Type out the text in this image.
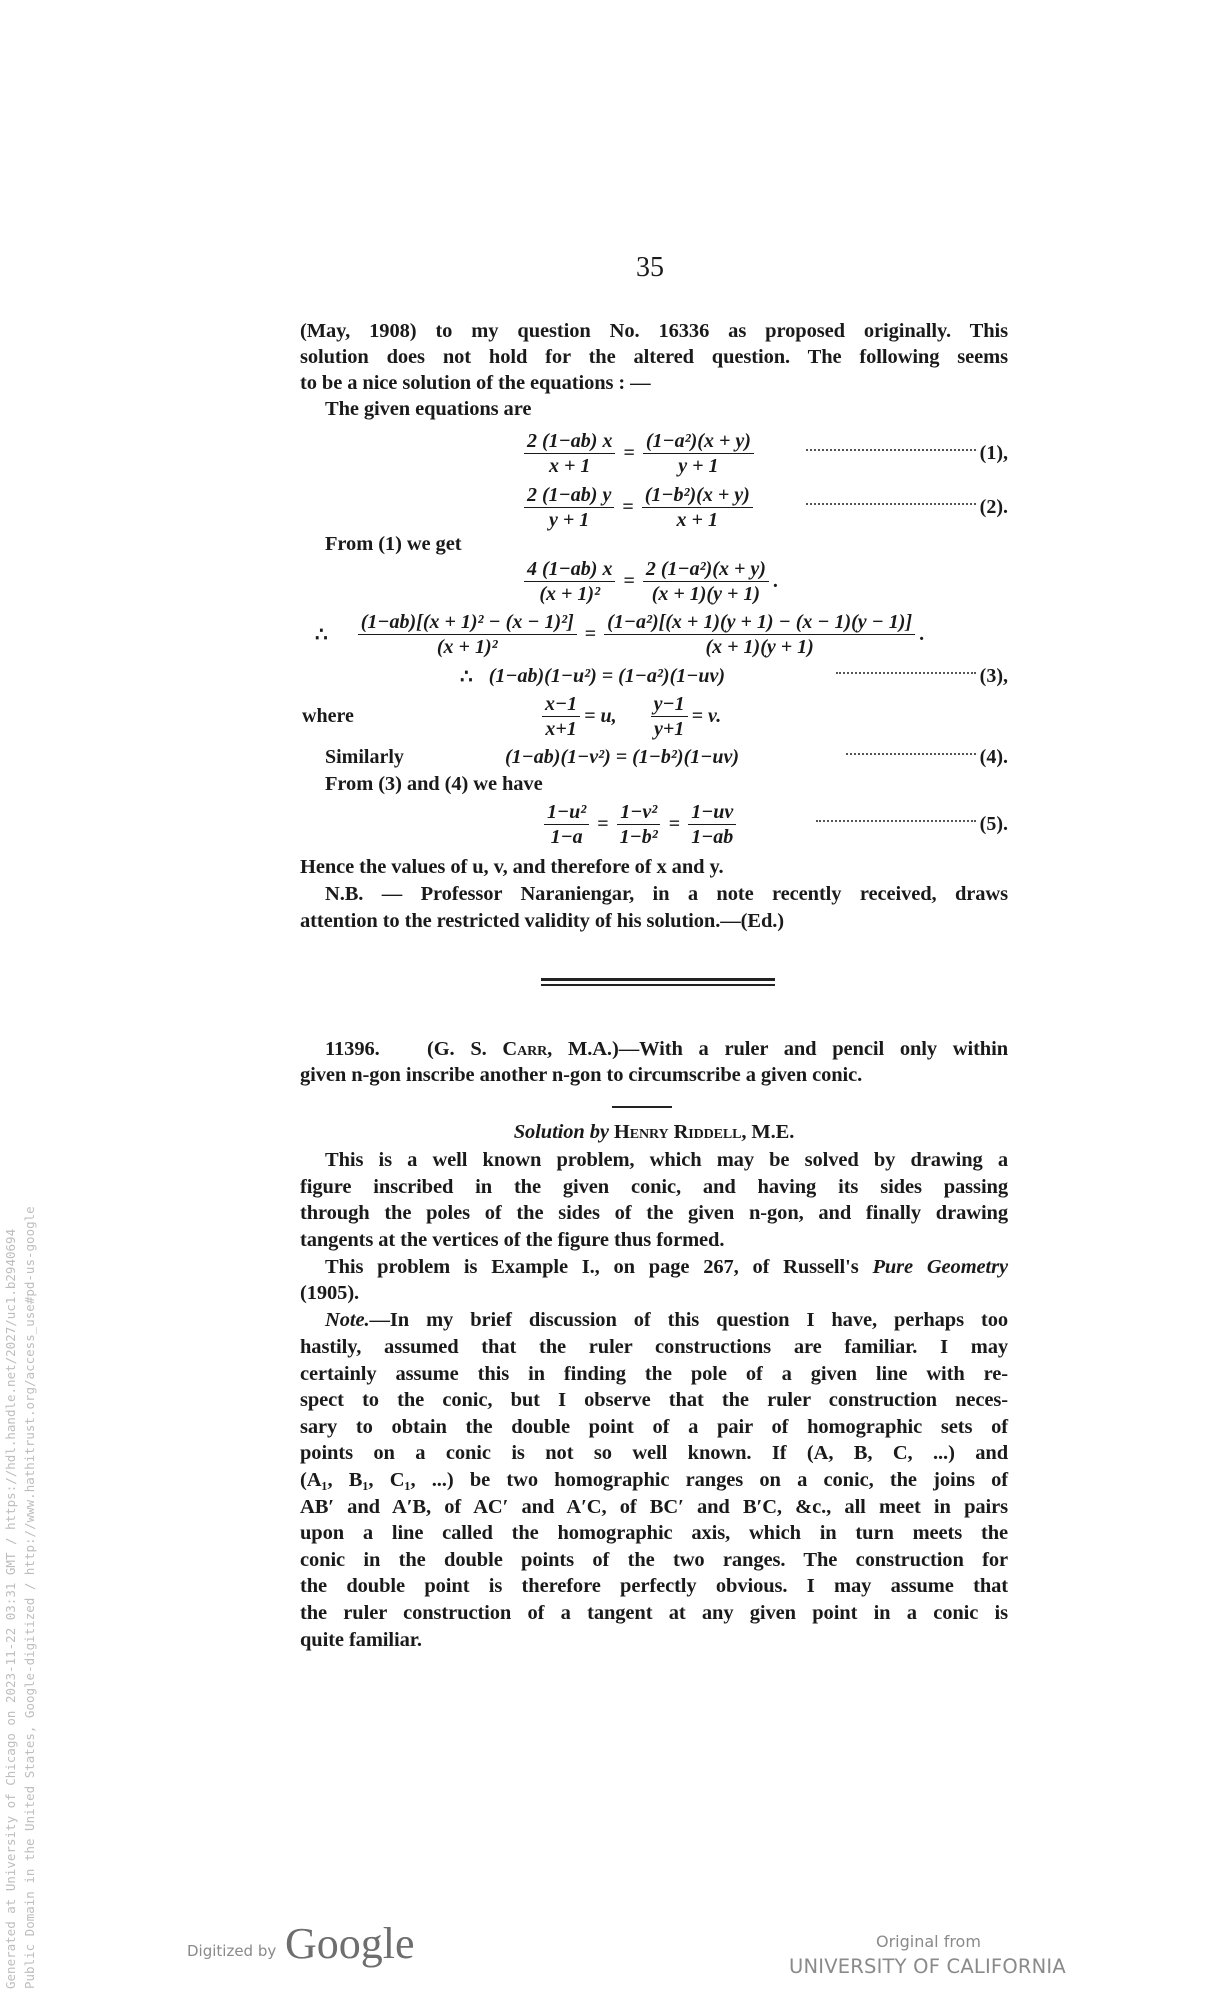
35
(May, 1908) to my question No. 16336 as proposed originally. This
solution does not hold for the altered question. The following seems
to be a nice solution of the equations : —
The given equations are
$\frac{2 (1-ab) x}{x + 1} = \frac{\text{(1−a²)(x + y)}}{y + 1}$	(1),
$\frac{2 (1-ab) y}{y + 1} = \frac{\text{(1−b²)(x + y)}}{x + 1}$	(2).
From (1) we get
$\frac{4 (1-ab) x}{\text{(x + 1)²}} = \frac{\text{2 (1−a²)(x + y)}}{(x + 1)(y + 1)}$ .
∴ $\frac{\text{(1−ab)[(x + 1)² − (x − 1)²]}}{\text{(x + 1)²}} = \frac{\text{(1−a²)[(x + 1)(y + 1) − (x − 1)(y − 1)]}}{(x + 1)(y + 1)}$ .
∴ (1−ab)(1−u²) = (1−a²)(1−uv)	(3),
where	$\frac{x-1}{x+1} = u$, $\frac{y-1}{y+1} = v$.
Similarly	(1−ab)(1−v²) = (1−b²)(1−uv)	(4).
From (3) and (4) we have
$\frac{\text{1−u²}}{1-a} = \frac{\text{1−v²}}{\text{1−b²}} = \frac{1-uv}{1-ab}$	(5).
Hence the values of u, v, and therefore of x and y.
N.B. — Professor Naraniengar, in a note recently received, draws
attention to the restricted validity of his solution.—(Ed.)
11396. (G. S. Carr, M.A.)—With a ruler and pencil only within
given n-gon inscribe another n-gon to circumscribe a given conic.
Solution by Henry Riddell, M.E.
This is a well known problem, which may be solved by drawing a
figure inscribed in the given conic, and having its sides passing
through the poles of the sides of the given n-gon, and finally drawing
tangents at the vertices of the figure thus formed.
This problem is Example I., on page 267, of Russell's Pure Geometry
(1905).
Note.—In my brief discussion of this question I have, perhaps too
hastily, assumed that the ruler constructions are familiar. I may
certainly assume this in finding the pole of a given line with re-
spect to the conic, but I observe that the ruler construction neces-
sary to obtain the double point of a pair of homographic sets of
points on a conic is not so well known. If (A, B, C, ...) and
(A₁, B₁, C₁, ...) be two homographic ranges on a conic, the joins of
AB′ and A′B, of AC′ and A′C, of BC′ and B′C, &c., all meet in pairs
upon a line called the homographic axis, which in turn meets the
conic in the double points of the two ranges. The construction for
the double point is therefore perfectly obvious. I may assume that
the ruler construction of a tangent at any given point in a conic is
quite familiar.
Generated at University of Chicago on 2023-11-22 03:31 GMT / https://hdl.handle.net/2027/uc1.b2940694 Public Domain in the United States, Google-digitized / http://www.hathitrust.org/access_use#pd-us-google	Digitized by Google	Original from
UNIVERSITY OF CALIFORNIA
